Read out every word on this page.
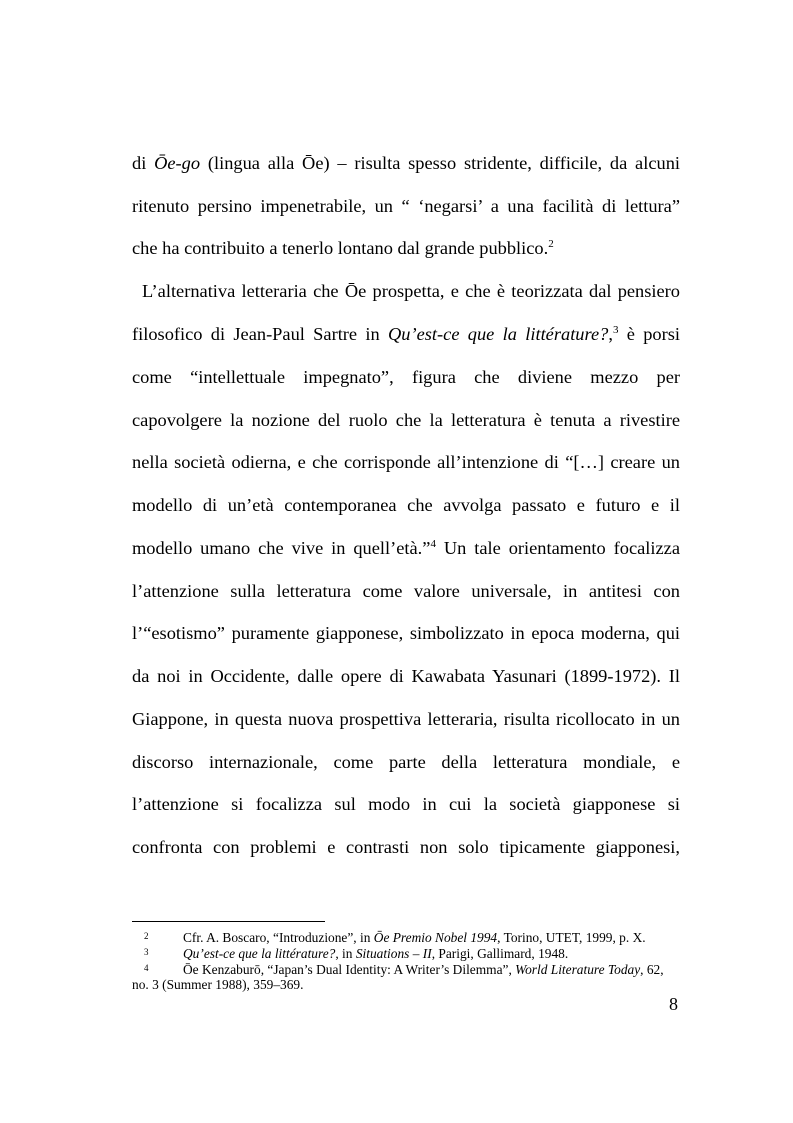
di Ōe-go (lingua alla Ōe) – risulta spesso stridente, difficile, da alcuni
ritenuto persino impenetrabile, un “ ‘negarsi’ a una facilità di lettura”
che ha contribuito a tenerlo lontano dal grande pubblico.$^2$
L’alternativa letteraria che Ōe prospetta, e che è teorizzata dal pensiero
filosofico di Jean-Paul Sartre in Qu’est-ce que la littérature?,$^3$ è porsi
come “intellettuale impegnato”, figura che diviene mezzo per
capovolgere la nozione del ruolo che la letteratura è tenuta a rivestire
nella società odierna, e che corrisponde all’intenzione di “[…] creare un
modello di un’età contemporanea che avvolga passato e futuro e il
modello umano che vive in quell’età.”$^4$ Un tale orientamento focalizza
l’attenzione sulla letteratura come valore universale, in antitesi con
l’“esotismo” puramente giapponese, simbolizzato in epoca moderna, qui
da noi in Occidente, dalle opere di Kawabata Yasunari (1899-1972). Il
Giappone, in questa nuova prospettiva letteraria, risulta ricollocato in un
discorso internazionale, come parte della letteratura mondiale, e
l’attenzione si focalizza sul modo in cui la società giapponese si
confronta con problemi e contrasti non solo tipicamente giapponesi,
2	Cfr. A. Boscaro, “Introduzione”, in Ōe Premio Nobel 1994, Torino, UTET, 1999, p. X.
3	Qu’est-ce que la littérature?, in Situations – II, Parigi, Gallimard, 1948.
4	Ōe Kenzaburō, “Japan’s Dual Identity: A Writer’s Dilemma”, World Literature Today, 62,
no. 3 (Summer 1988), 359–369.
8
